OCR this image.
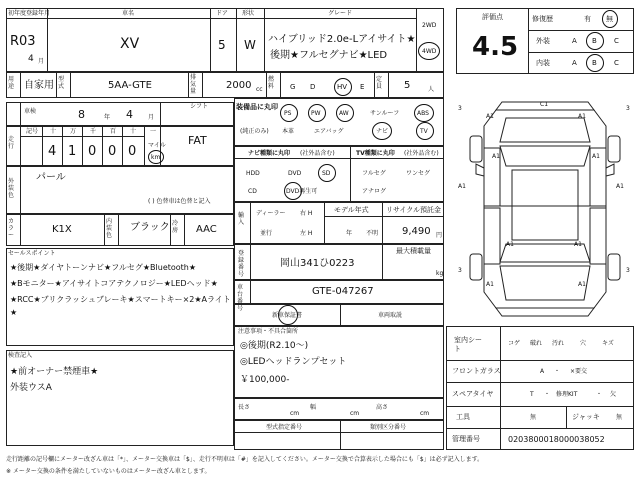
初年度登録年月
R03
4 月
車名
XV
ドア
5
形状
W
グレード
ハイブリッド2.0e-Lアイサイト★
後期★フルセグナビ★LED
2WD
4WD
用途 自家用
型式	5AA-GTE
排気量
2000 cc
燃料 G D	HV E
定員 5	人
評価点
4.5
修復歴	有 無
外装	A B C
内装	A B C
車検	8	年 4	月
シフト
FAT
走行
記号 十 万 千 百 十 一
4 1 0 0 0 マイル
km
装備品に丸印
(純正のみ)
PS	PW	AW	サンルーフ	ABS
本革	エアバッグ	ナビ	TV
ナビ種類に丸印 (社外品含む)
HDD	DVD	SD
CD	DVD再生可
TV種類に丸印 (社外品含む)
フルセグ	ワンセグ
アナログ
外装色
パール
( ) 色替車は色替と記入
カラー
K1X
内装色
ブラック 冷房 AAC
輸入
ディーラー
並行
右 H
左 H
モデル年式
年 不明
リサイクル預託金
9,490 円
セールスポイント
★後期★ダイヤトーンナビ★フルセグ★Bluetooth★
★Bモニター★アイサイトコアテクノロジー★LEDヘッド★
★RCC★ブリクラッシュブレーキ★スマートキー×2★Aライト
★
検査記入
★前オーナー禁煙車★
外装ウスA
登録番号
岡山341ひ0223
最大積載量
kg
車台番号
GTE-047267
新車保証書	車両取説
注意事項・不具合箇所
◎後期(R2.10〜)
◎LEDヘッドランプセット
￥100,000-
長さ
cm
幅
cm
高さ
cm
型式指定番号	類別区分番号
3	3
3	3
A1	A1
A1	A1
A1	A1
A1	A1
A1	A1
C1
室内シート
コゲ 破れ 汚れ	穴	キズ
フロントガラス	A ・ ×要交
スペアタイヤ	T ・ 修理KIT	・ 欠
工具	無	ジャッキ	無
管理番号	0203800018000038052
走行距離の記号欄にメーター改ざん車は「*」、メーター交換車は「$」、走行不明車は「#」を記入してください。メーター交換で合算表示した場合にも「$」は必ず記入します。
※ メーター交換の条件を満たしていないものはメーター改ざん車とします。
